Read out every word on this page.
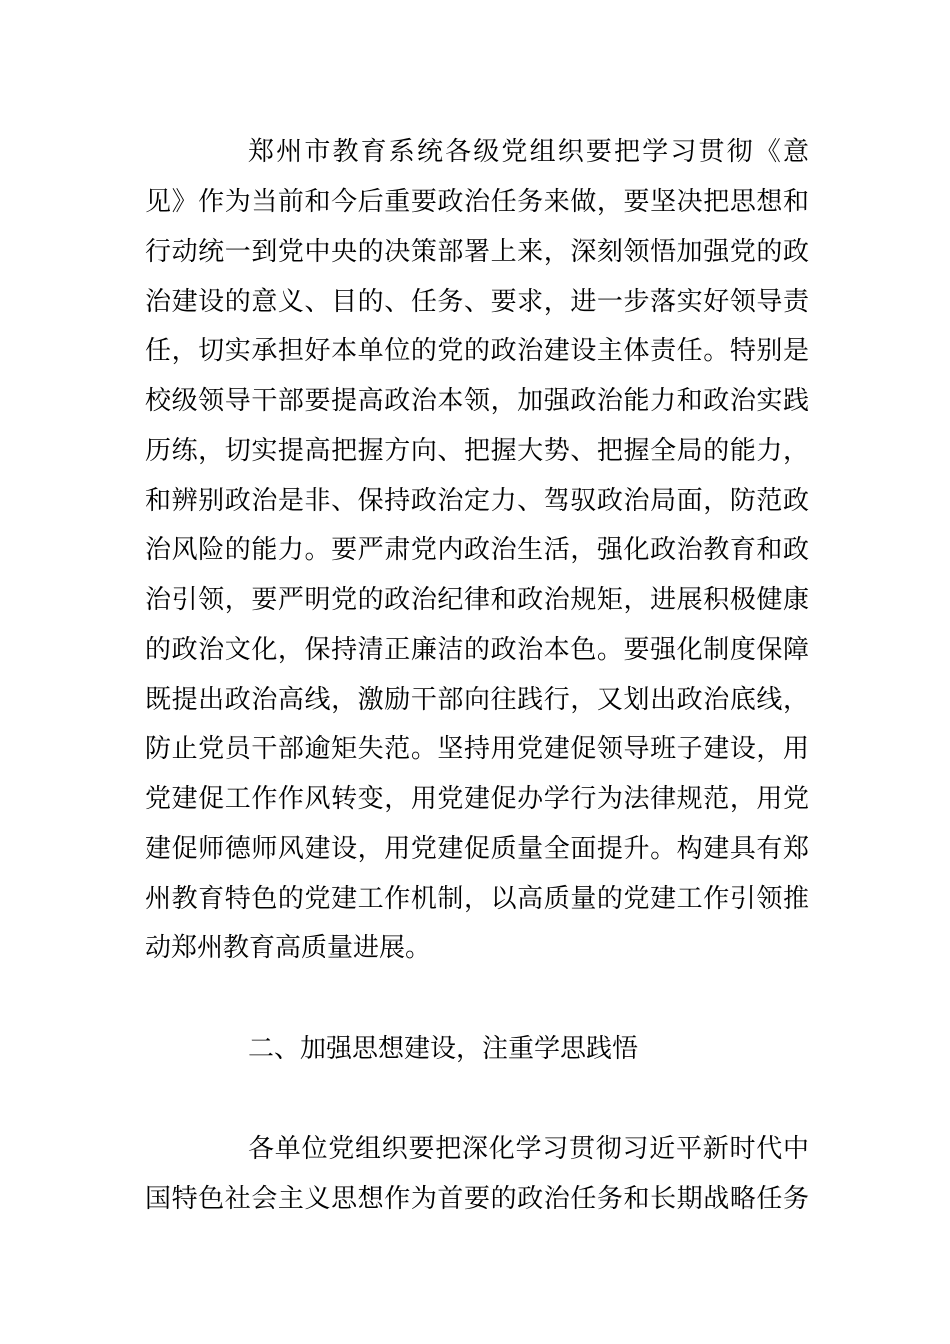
郑州市教育系统各级党组织要把学习贯彻《意
见》作为当前和今后重要政治任务来做，要坚决把思想和
行动统一到党中央的决策部署上来，深刻领悟加强党的政
治建设的意义、目的、任务、要求，进一步落实好领导责
任，切实承担好本单位的党的政治建设主体责任。特别是
校级领导干部要提高政治本领，加强政治能力和政治实践
历练，切实提高把握方向、把握大势、把握全局的能力，
和辨别政治是非、保持政治定力、驾驭政治局面，防范政
治风险的能力。要严肃党内政治生活，强化政治教育和政
治引领，要严明党的政治纪律和政治规矩，进展积极健康
的政治文化，保持清正廉洁的政治本色。要强化制度保障
既提出政治高线，激励干部向往践行，又划出政治底线，
防止党员干部逾矩失范。坚持用党建促领导班子建设，用
党建促工作作风转变，用党建促办学行为法律规范，用党
建促师德师风建设，用党建促质量全面提升。构建具有郑
州教育特色的党建工作机制，以高质量的党建工作引领推
动郑州教育高质量进展。
二、加强思想建设，注重学思践悟
各单位党组织要把深化学习贯彻习近平新时代中
国特色社会主义思想作为首要的政治任务和长期战略任务
